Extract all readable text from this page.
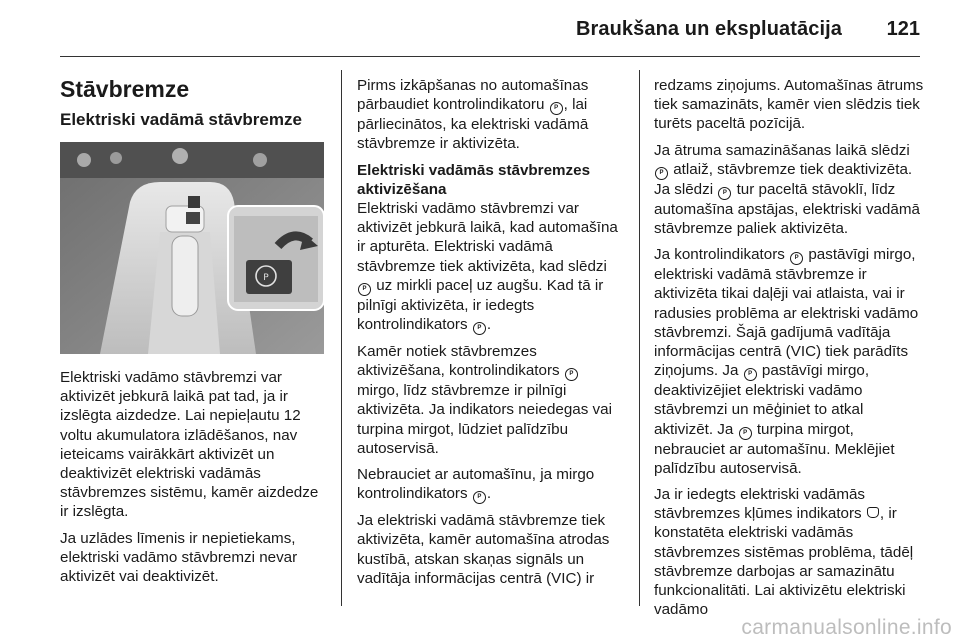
Braukšana un ekspluatācija 121
Stāvbremze
Elektriski vadāmā stāvbremze
P

Elektriski vadāmo stāvbremzi var aktivizēt jebkurā laikā pat tad, ja ir izslēgta aizdedze. Lai nepieļautu 12 voltu akumulatora izlādēšanos, nav ieteicams vairākkārt aktivizēt un deaktivizēt elektriski vadāmās stāvbremzes sistēmu, kamēr aizdedze ir izslēgta.

Ja uzlādes līmenis ir nepietiekams, elektriski vadāmo stāvbremzi nevar aktivizēt vai deaktivizēt.

Pirms izkāpšanas no automašīnas pārbaudiet kontrolindikatoru P , lai pārliecinātos, ka elektriski vadāmā stāvbremze ir aktivizēta.

Elektriski vadāmās stāvbremzes aktivizēšana

Elektriski vadāmo stāvbremzi var aktivizēt jebkurā laikā, kad automašīna ir apturēta. Elektriski vadāmā stāvbremze tiek aktivizēta, kad slēdzi P uz mirkli paceļ uz augšu. Kad tā ir pilnīgi aktivizēta, ir iedegts kontrolindikators P .

Kamēr notiek stāvbremzes aktivizēšana, kontrolindikators P mirgo, līdz stāvbremze ir pilnīgi aktivizēta. Ja indikators neiedegas vai turpina mirgot, lūdziet palīdzību autoservisā.

Nebrauciet ar automašīnu, ja mirgo kontrolindikators P .

Ja elektriski vadāmā stāvbremze tiek aktivizēta, kamēr automašīna atrodas kustībā, atskan skaņas signāls un vadītāja informācijas centrā (VIC) ir

redzams ziņojums. Automašīnas ātrums tiek samazināts, kamēr vien slēdzis tiek turēts paceltā pozīcijā.

Ja ātruma samazināšanas laikā slēdzi P atlaiž, stāvbremze tiek deaktivizēta. Ja slēdzi P tur paceltā stāvoklī, līdz automašīna apstājas, elektriski vadāmā stāvbremze paliek aktivizēta.

Ja kontrolindikators P pastāvīgi mirgo, elektriski vadāmā stāvbremze ir aktivizēta tikai daļēji vai atlaista, vai ir radusies problēma ar elektriski vadāmo stāvbremzi. Šajā gadījumā vadītāja informācijas centrā (VIC) tiek parādīts ziņojums. Ja P pastāvīgi mirgo, deaktivizējiet elektriski vadāmo stāvbremzi un mēģiniet to atkal aktivizēt. Ja P turpina mirgot, nebrauciet ar automašīnu. Meklējiet palīdzību autoservisā.

Ja ir iedegts elektriski vadāmās stāvbremzes kļūmes indikators , ir konstatēta elektriski vadāmās stāvbremzes sistēmas problēma, tādēļ stāvbremze darbojas ar samazinātu funkcionalitāti. Lai aktivizētu elektriski vadāmo

carmanualsonline.info
